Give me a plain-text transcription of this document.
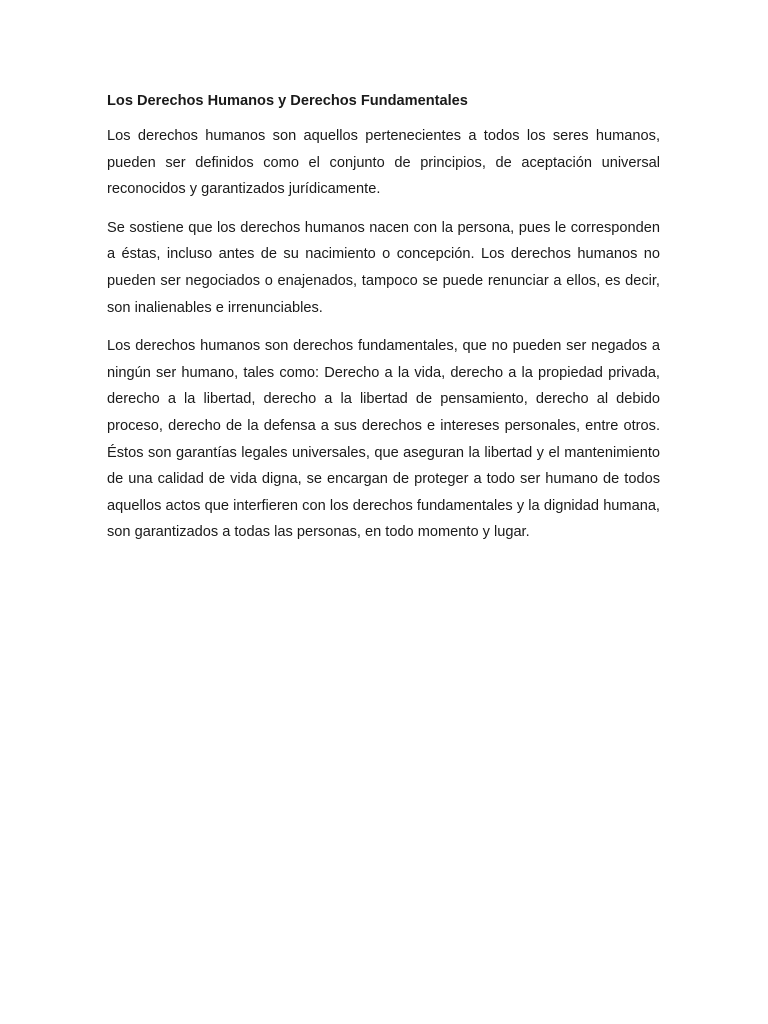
Los Derechos Humanos y Derechos Fundamentales

Los derechos humanos son aquellos pertenecientes a todos los seres humanos, pueden ser definidos como el conjunto de principios, de aceptación universal reconocidos y garantizados jurídicamente.

Se sostiene que los derechos humanos nacen con la persona, pues le corresponden a éstas, incluso antes de su nacimiento o concepción. Los derechos humanos no pueden ser negociados o enajenados, tampoco se puede renunciar a ellos, es decir, son inalienables e irrenunciables.

Los derechos humanos son derechos fundamentales, que no pueden ser negados a ningún ser humano, tales como: Derecho a la vida, derecho a la propiedad privada, derecho a la libertad, derecho a la libertad de pensamiento, derecho al debido proceso, derecho de la defensa a sus derechos e intereses personales, entre otros. Éstos son garantías legales universales, que aseguran la libertad y el mantenimiento de una calidad de vida digna, se encargan de proteger a todo ser humano de todos aquellos actos que interfieren con los derechos fundamentales y la dignidad humana, son garantizados a todas las personas, en todo momento y lugar.
